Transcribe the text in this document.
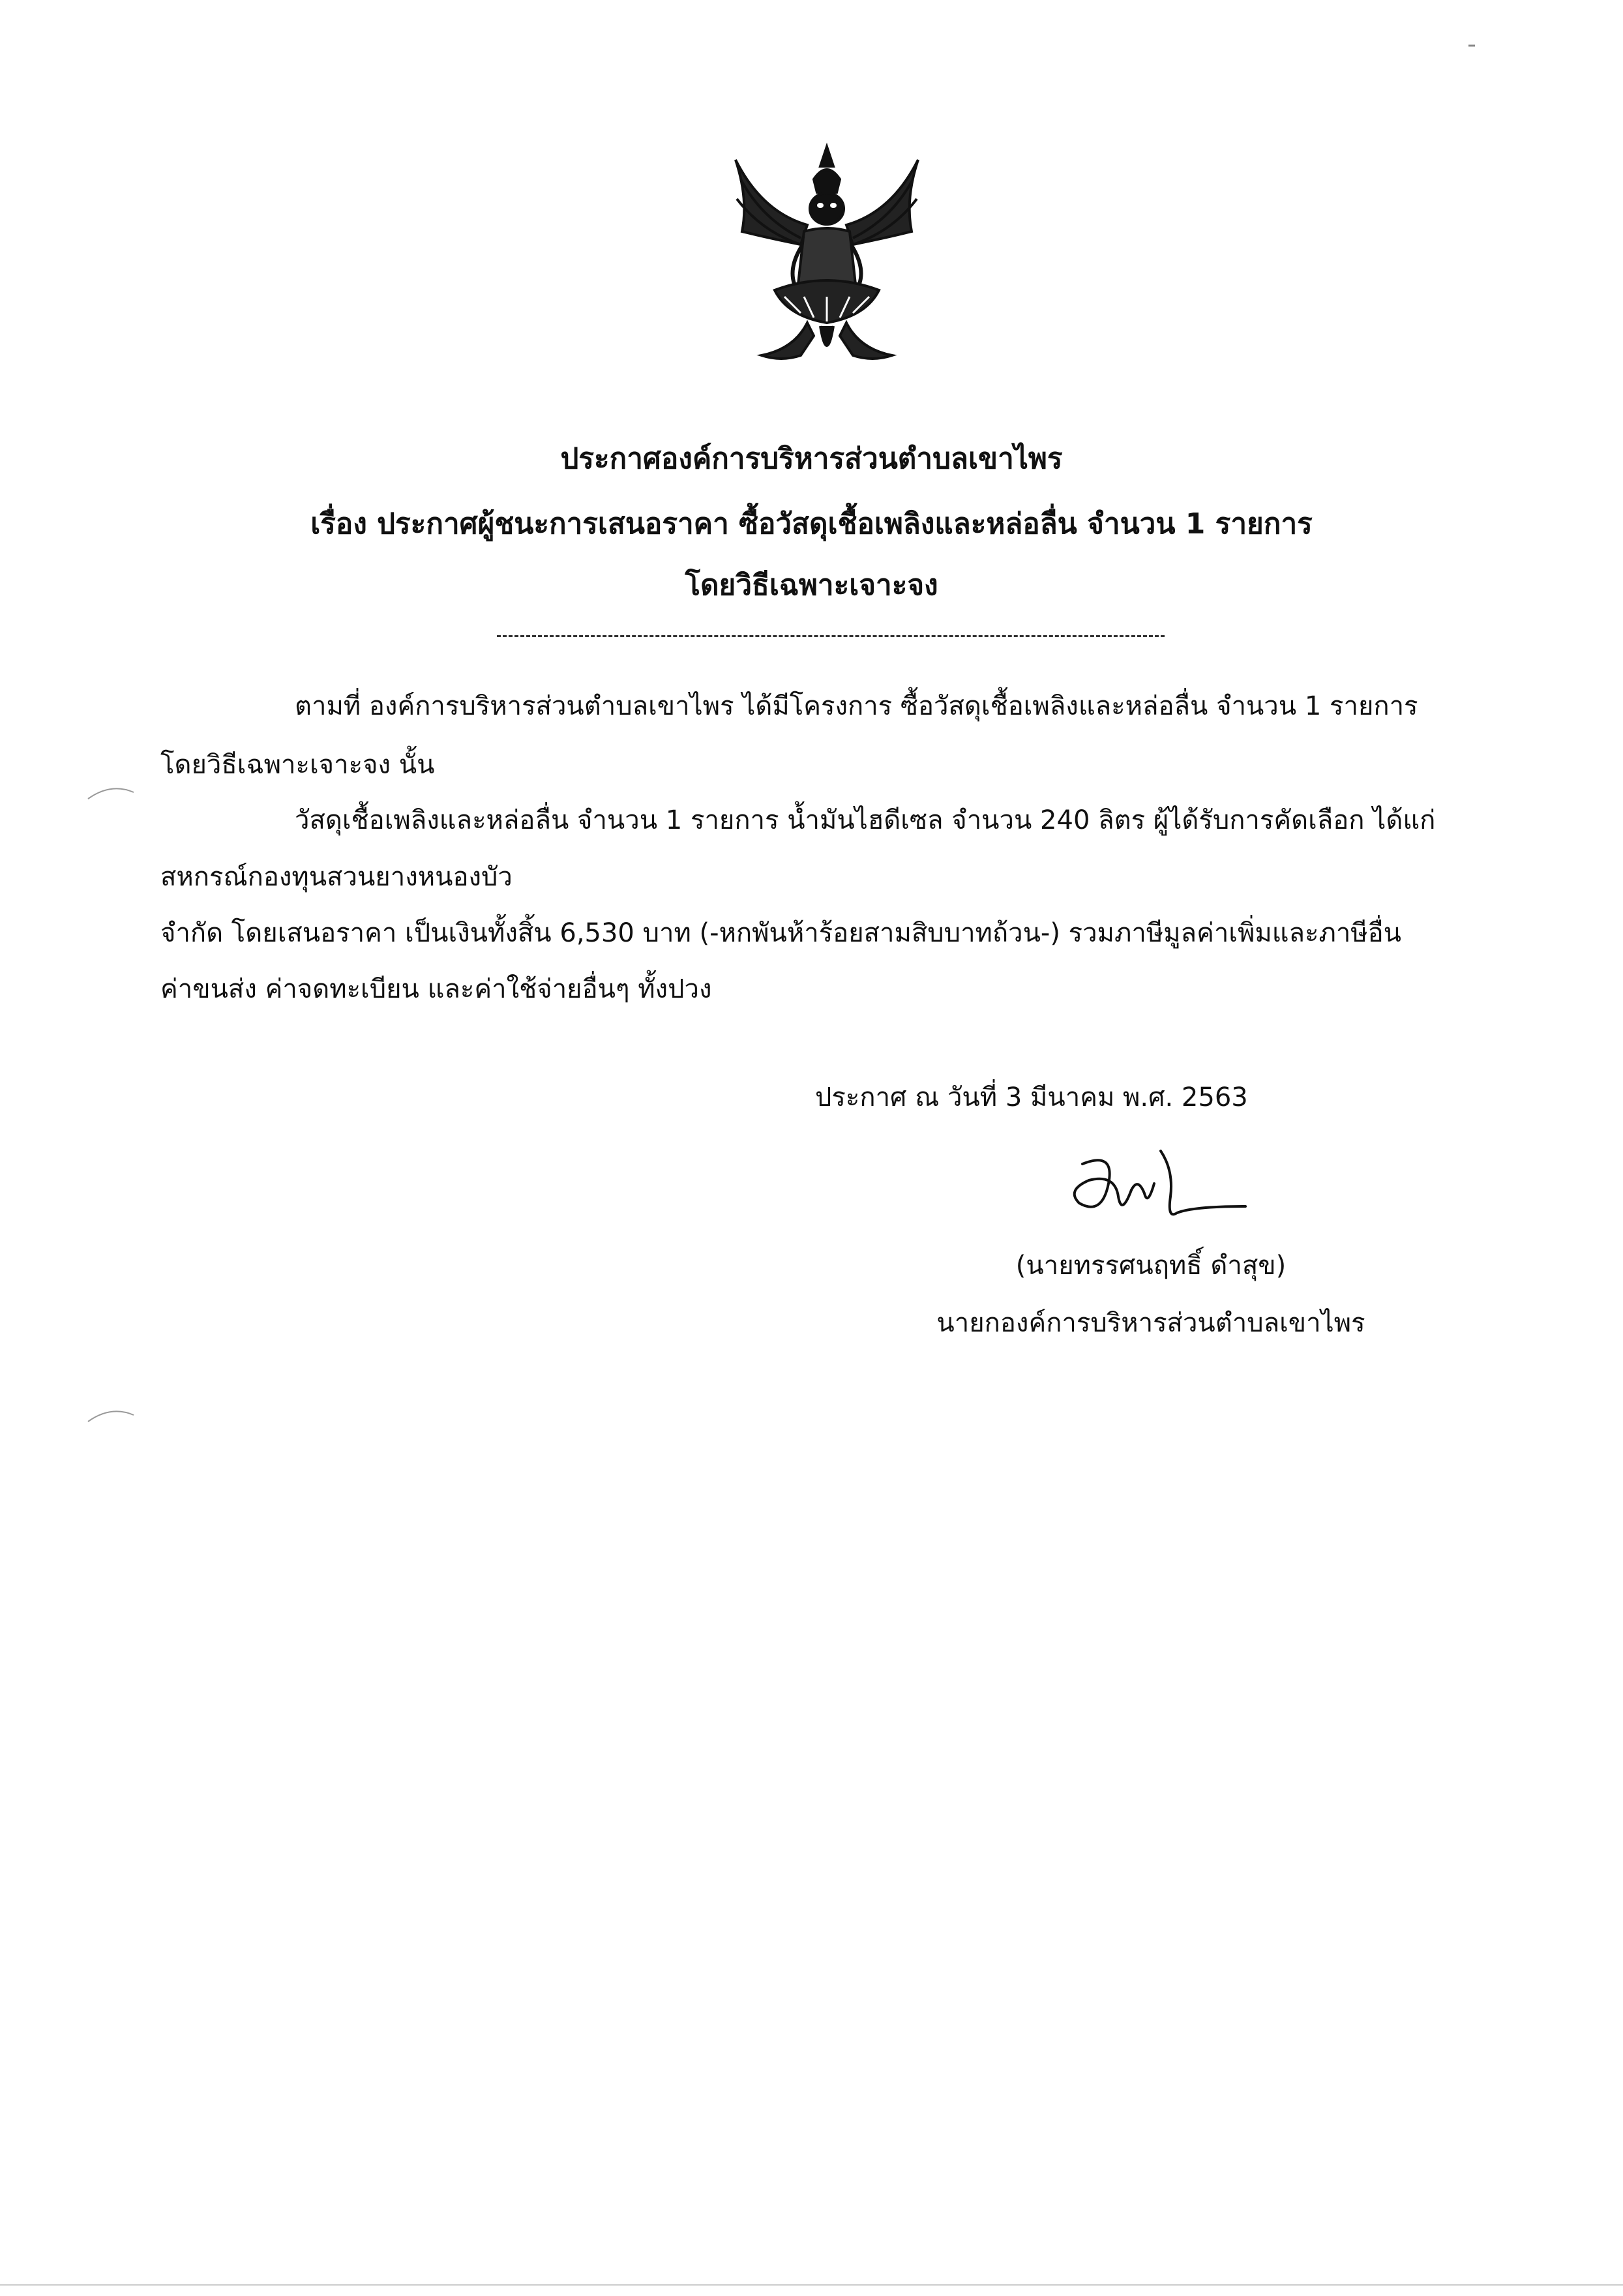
ประกาศองค์การบริหารส่วนตำบลเขาไพร
เรื่อง ประกาศผู้ชนะการเสนอราคา ซื้อวัสดุเชื้อเพลิงและหล่อลื่น จำนวน 1 รายการ
โดยวิธีเฉพาะเจาะจง
ตามที่ องค์การบริหารส่วนตำบลเขาไพร ได้มีโครงการ ซื้อวัสดุเชื้อเพลิงและหล่อลื่น จำนวน 1 รายการ
โดยวิธีเฉพาะเจาะจง นั้น
วัสดุเชื้อเพลิงและหล่อลื่น จำนวน 1 รายการ น้ำมันไฮดีเซล จำนวน 240 ลิตร ผู้ได้รับการคัดเลือก ได้แก่
สหกรณ์กองทุนสวนยางหนองบัว
จำกัด โดยเสนอราคา เป็นเงินทั้งสิ้น 6,530 บาท (-หกพันห้าร้อยสามสิบบาทถ้วน-) รวมภาษีมูลค่าเพิ่มและภาษีอื่น
ค่าขนส่ง ค่าจดทะเบียน และค่าใช้จ่ายอื่นๆ ทั้งปวง
ประกาศ ณ วันที่ 3 มีนาคม พ.ศ. 2563
(นายทรรศนฤทธิ์ ดำสุข)
นายกองค์การบริหารส่วนตำบลเขาไพร
